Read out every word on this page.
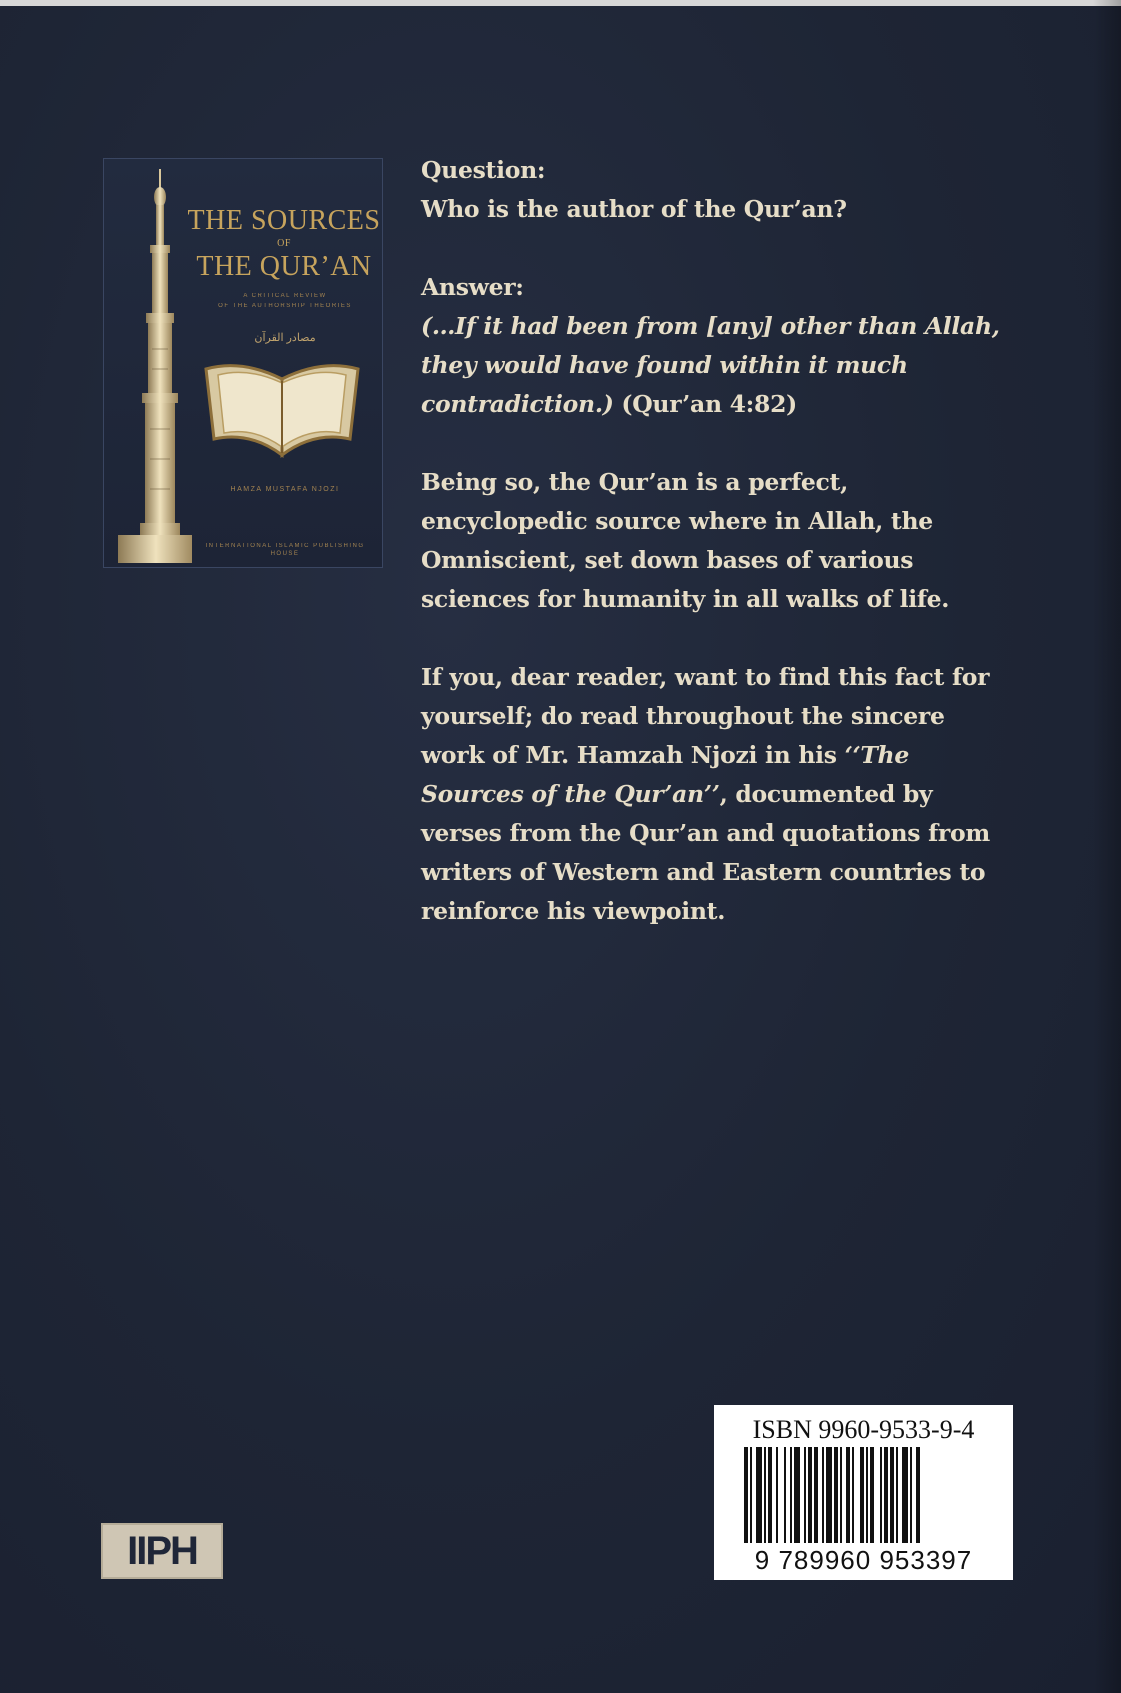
THE SOURCES
OF
THE QUR’AN
A CRITICAL REVIEW
OF THE AUTHORSHIP THEORIES
مصادر القرآن
HAMZA MUSTAFA NJOZI
INTERNATIONAL ISLAMIC PUBLISHING HOUSE

Question:

Who is the author of the Qur’an?

Answer:

(…If it had been from [any] other than Allah,

they would have found within it much

contradiction.) (Qur’an 4:82)

Being so, the Qur’an is a perfect,

encyclopedic source where in Allah, the

Omniscient, set down bases of various

sciences for humanity in all walks of life.

If you, dear reader, want to find this fact for

yourself; do read throughout the sincere

work of Mr. Hamzah Njozi in his ‘‘The

Sources of the Qur’an’’, documented by

verses from the Qur’an and quotations from

writers of Western and Eastern countries to

reinforce his viewpoint.

ISBN 9960-9533-9-4
9 789960 953397
IIPH
